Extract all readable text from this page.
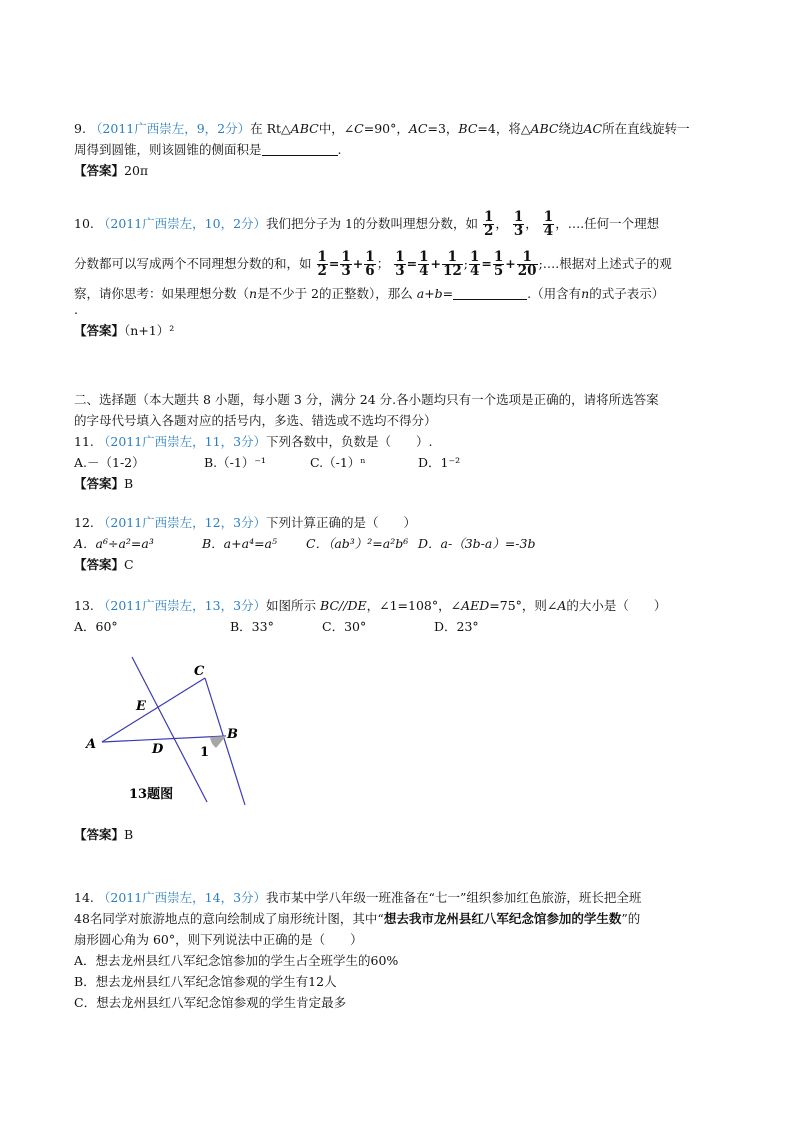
9. （2011广西崇左，9，2分）在 Rt△ABC中，∠C=90°，AC=3，BC=4，将△ABC绕边AC所在直线旋转一
周得到圆锥，则该圆锥的侧面积是	.
【答案】20π
10. （2011广西崇左，10，2分）我们把分子为 1的分数叫理想分数，如 $\frac{1}{2}$ ， $\frac{1}{3}$ ， $\frac{1}{4}$ ，….任何一个理想
分数都可以写成两个不同理想分数的和，如 $\frac{1}{2} = \frac{1}{3} + \frac{1}{6}$ ； $\frac{1}{3} = \frac{1}{4} + \frac{1}{12}$ ; $\frac{1}{4} = \frac{1}{5} + \frac{1}{20}$ ;….根据对上述式子的观
察，请你思考：如果理想分数（n是不少于 2的正整数），那么 a+b=	.（用含有n的式子表示）
.
【答案】（n+1）²
二、选择题（本大题共 8 小题，每小题 3 分，满分 24 分.各小题均只有一个选项是正确的，请将所选答案
的字母代号填入各题对应的括号内，多选、错选或不选均不得分）
11. （2011广西崇左，11，3分）下列各数中，负数是（　　）.
A.－（1-2）	B.（-1）⁻¹	C.（-1）ⁿ	D．1⁻²
【答案】B
12. （2011广西崇左，12，3分）下列计算正确的是（　　）
A．a⁶÷a²=a³	B．a+a⁴=a⁵ C．（ab³）²=a²b⁶ D．a-（3b-a）=-3b
【答案】C
13. （2011广西崇左，13，3分）如图所示 BC//DE，∠1=108°，∠AED=75°，则∠A的大小是（　　）
A．60°	B．33°	C．30°	D．23°
C
E
A	D
B
1
13题图
【答案】B
14. （2011广西崇左，14，3分）我市某中学八年级一班准备在“七一”组织参加红色旅游，班长把全班
48名同学对旅游地点的意向绘制成了扇形统计图，其中“想去我市龙州县红八军纪念馆参加的学生数”的
扇形圆心角为 60°，则下列说法中正确的是（　　）
A．想去龙州县红八军纪念馆参加的学生占全班学生的60%
B．想去龙州县红八军纪念馆参观的学生有12人
C．想去龙州县红八军纪念馆参观的学生肯定最多
